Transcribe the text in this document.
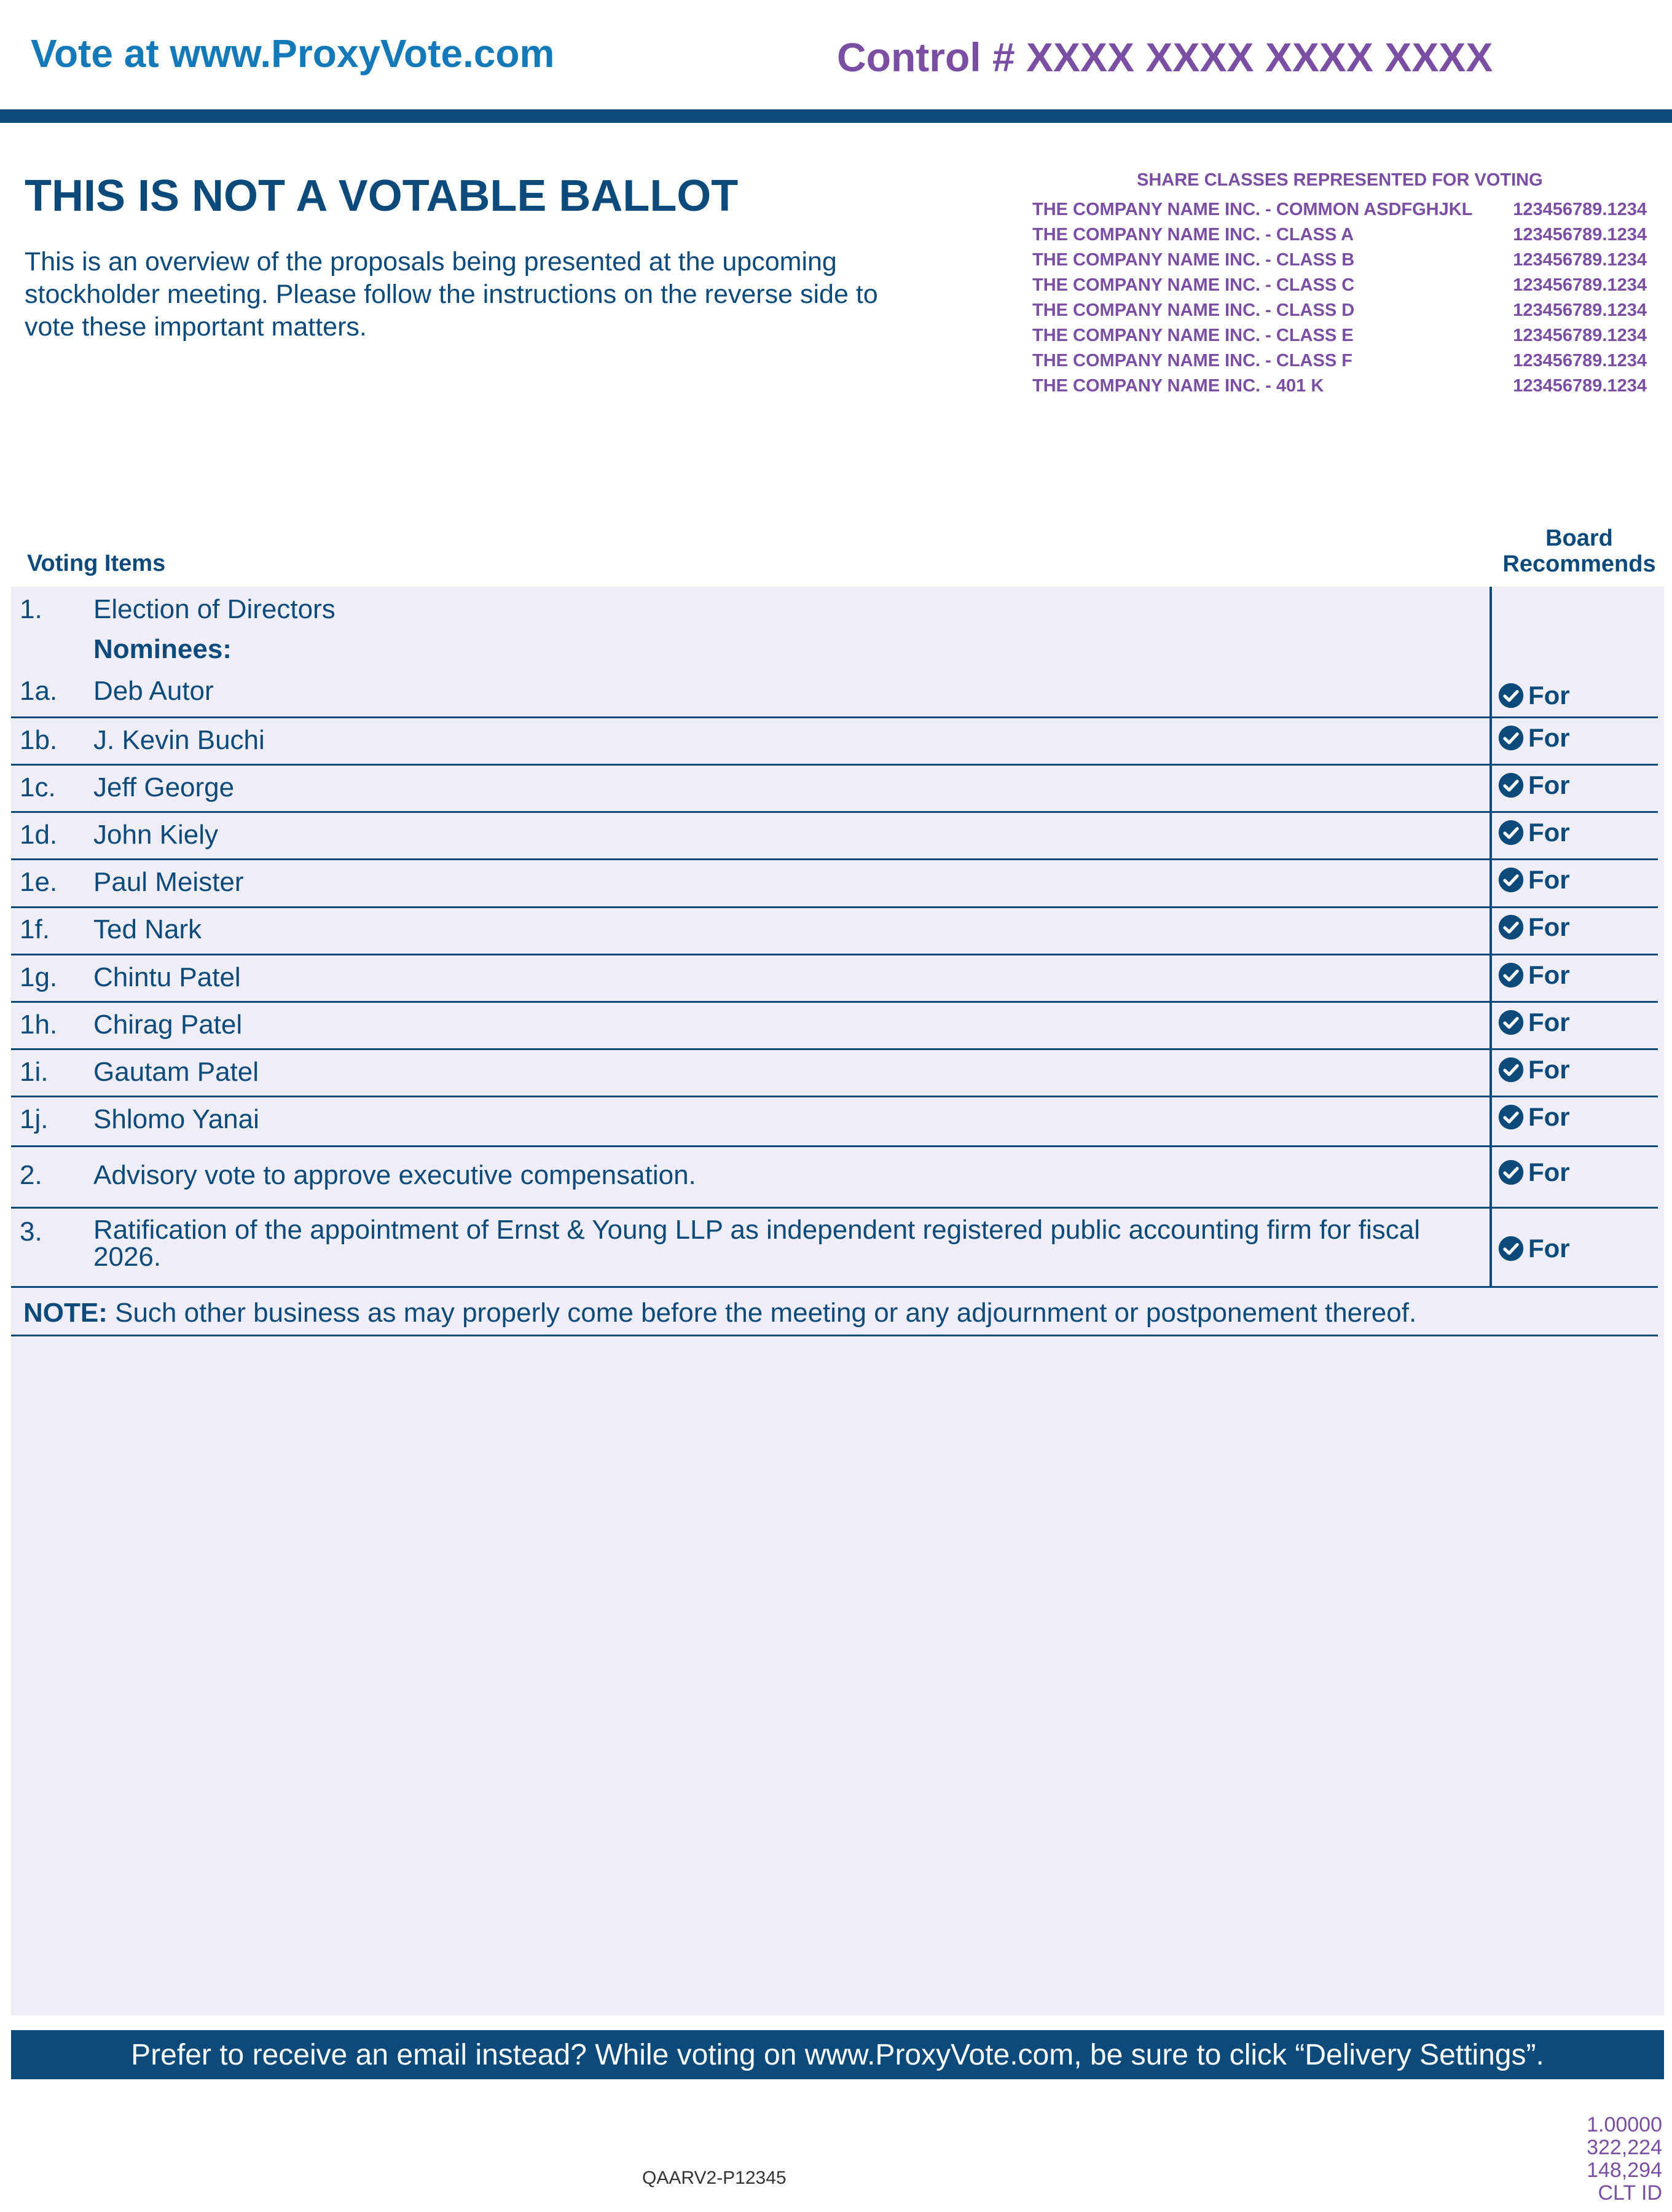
Vote at www.ProxyVote.com	Control # XXXX XXXX XXXX XXXX
THIS IS NOT A VOTABLE BALLOT
This is an overview of the proposals being presented at the upcoming stockholder meeting. Please follow the instructions on the reverse side to vote these important matters.
SHARE CLASSES REPRESENTED FOR VOTING
THE COMPANY NAME INC. - COMMON ASDFGHJKL 123456789.1234
THE COMPANY NAME INC. - CLASS A	123456789.1234
THE COMPANY NAME INC. - CLASS B	123456789.1234
THE COMPANY NAME INC. - CLASS C	123456789.1234
THE COMPANY NAME INC. - CLASS D	123456789.1234
THE COMPANY NAME INC. - CLASS E	123456789.1234
THE COMPANY NAME INC. - CLASS F	123456789.1234
THE COMPANY NAME INC. - 401 K	123456789.1234
Voting Items
Board
Recommends
1. Election of Directors
Nominees:
1a. Deb Autor	For
1b. J. Kevin Buchi	For
1c. Jeff George	For
1d. John Kiely	For
1e. Paul Meister	For
1f. Ted Nark	For
1g. Chintu Patel	For
1h. Chirag Patel	For
1i. Gautam Patel	For
1j. Shlomo Yanai	For
2. Advisory vote to approve executive compensation.	For
3. Ratification of the appointment of Ernst & Young LLP as independent registered public accounting firm for fiscal
2026.	For
NOTE: Such other business as may properly come before the meeting or any adjournment or postponement thereof.
Prefer to receive an email instead? While voting on www.ProxyVote.com, be sure to click “Delivery Settings”.
QAARV2-P12345
1.00000
322,224
148,294
CLT ID
